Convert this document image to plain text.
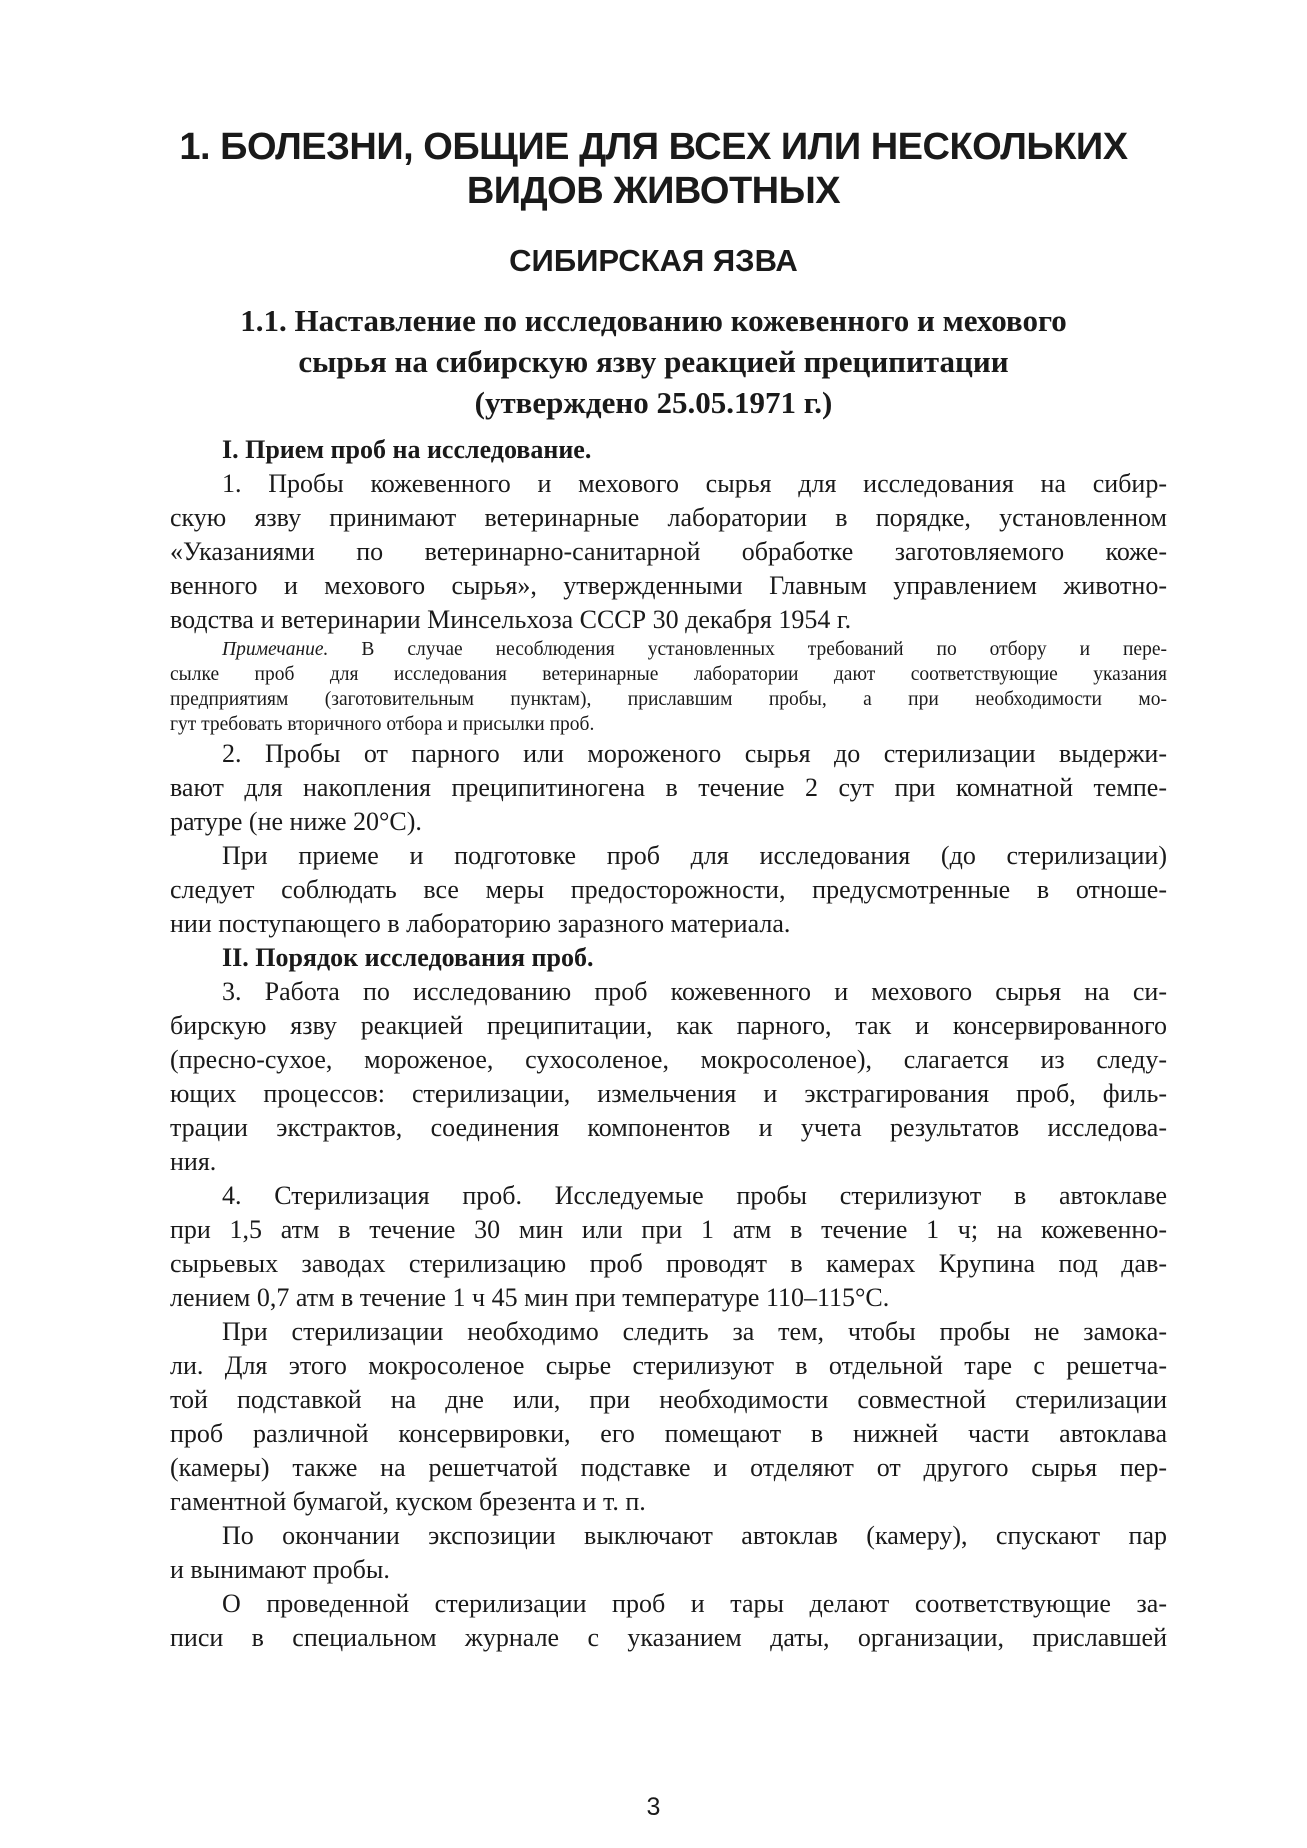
1. БОЛЕЗНИ, ОБЩИЕ ДЛЯ ВСЕХ ИЛИ НЕСКОЛЬКИХ
ВИДОВ ЖИВОТНЫХ
СИБИРСКАЯ ЯЗВА
1.1. Наставление по исследованию кожевенного и мехового
сырья на сибирскую язву реакцией преципитации
(утверждено 25.05.1971 г.)
I. Прием проб на исследование.
1. Пробы кожевенного и мехового сырья для исследования на сибир-
скую язву принимают ветеринарные лаборатории в порядке, установленном
«Указаниями по ветеринарно-санитарной обработке заготовляемого коже-
венного и мехового сырья», утвержденными Главным управлением животно-
водства и ветеринарии Минсельхоза СССР 30 декабря 1954 г.
Примечание. В случае несоблюдения установленных требований по отбору и пере-
сылке проб для исследования ветеринарные лаборатории дают соответствующие указания
предприятиям (заготовительным пунктам), приславшим пробы, а при необходимости мо-
гут требовать вторичного отбора и присылки проб.
2. Пробы от парного или мороженого сырья до стерилизации выдержи-
вают для накопления преципитиногена в течение 2 сут при комнатной темпе-
ратуре (не ниже 20°С).
При приеме и подготовке проб для исследования (до стерилизации)
следует соблюдать все меры предосторожности, предусмотренные в отноше-
нии поступающего в лабораторию заразного материала.
II. Порядок исследования проб.
3. Работа по исследованию проб кожевенного и мехового сырья на си-
бирскую язву реакцией преципитации, как парного, так и консервированного
(пресно-сухое, мороженое, сухосоленое, мокросоленое), слагается из следу-
ющих процессов: стерилизации, измельчения и экстрагирования проб, филь-
трации экстрактов, соединения компонентов и учета результатов исследова-
ния.
4. Стерилизация проб. Исследуемые пробы стерилизуют в автоклаве
при 1,5 атм в течение 30 мин или при 1 атм в течение 1 ч; на кожевенно-
сырьевых заводах стерилизацию проб проводят в камерах Крупина под дав-
лением 0,7 атм в течение 1 ч 45 мин при температуре 110–115°С.
При стерилизации необходимо следить за тем, чтобы пробы не замока-
ли. Для этого мокросоленое сырье стерилизуют в отдельной таре с решетча-
той подставкой на дне или, при необходимости совместной стерилизации
проб различной консервировки, его помещают в нижней части автоклава
(камеры) также на решетчатой подставке и отделяют от другого сырья пер-
гаментной бумагой, куском брезента и т. п.
По окончании экспозиции выключают автоклав (камеру), спускают пар
и вынимают пробы.
О проведенной стерилизации проб и тары делают соответствующие за-
писи в специальном журнале с указанием даты, организации, приславшей
3
